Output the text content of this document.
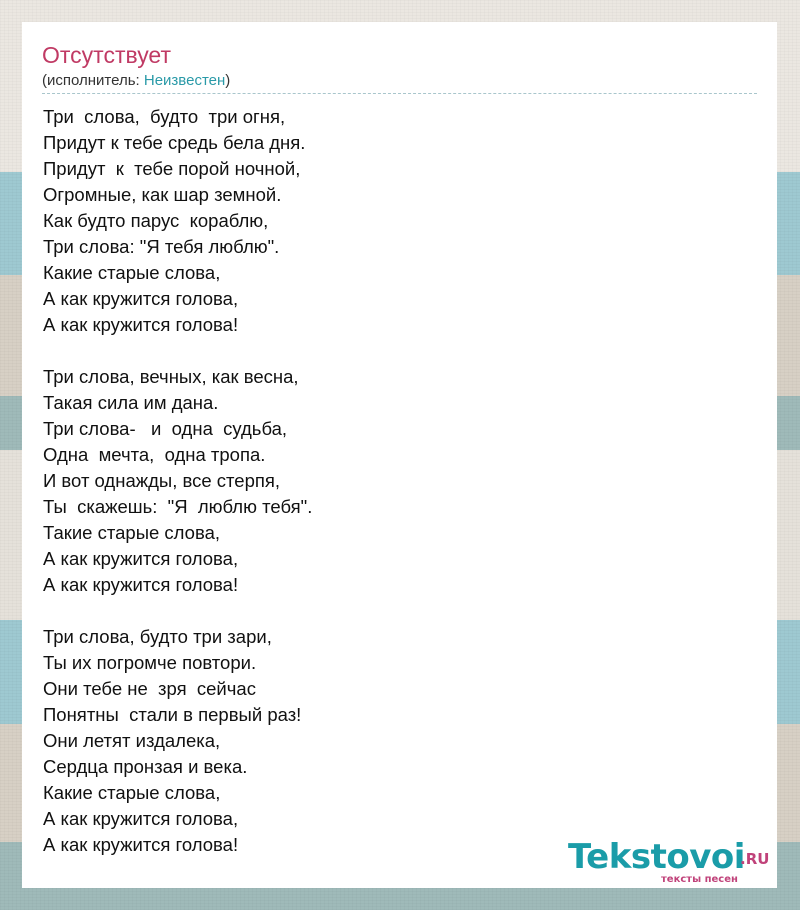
Отсутствует
(исполнитель: Неизвестен)
Три  слова,  будто  три огня,
Придут к тебе средь бела дня.
Придут  к  тебе порой ночной,
Огромные, как шар земной.
Как будто парус  кораблю,
Три слова: "Я тебя люблю".
Какие старые слова,
А как кружится голова,
А как кружится голова!

Три слова, вечных, как весна,
Такая сила им дана.
Три слова-   и  одна  судьба,
Одна  мечта,  одна тропа.
И вот однажды, все стерпя,
Ты  скажешь:  "Я  люблю тебя".
Такие старые слова,
А как кружится голова,
А как кружится голова!

Три слова, будто три зари,
Ты их погромче повтори.
Они тебе не  зря  сейчас
Понятны  стали в первый раз!
Они летят издалека,
Сердца пронзая и века.
Какие старые слова,
А как кружится голова,
А как кружится голова!	Tekstovoi
.RU
тексты песен
